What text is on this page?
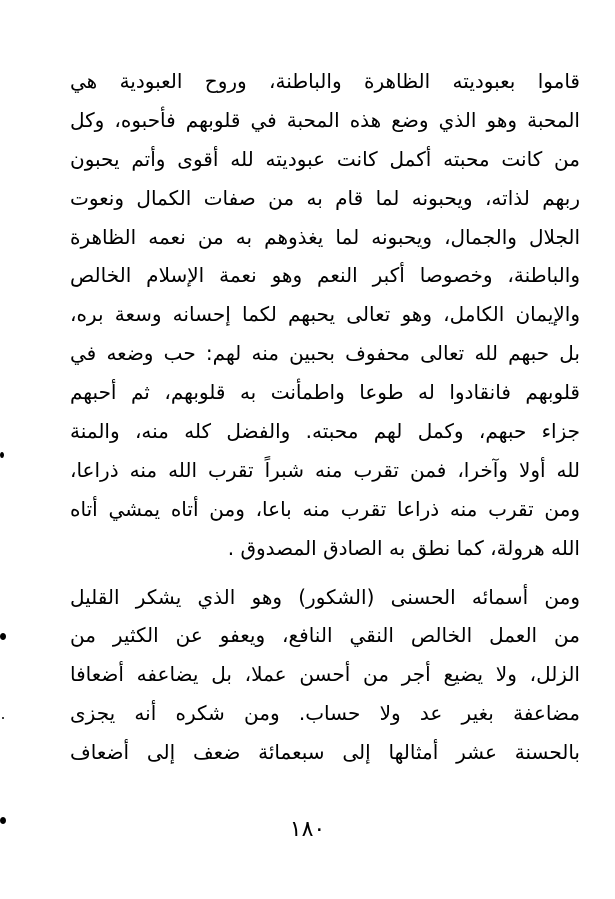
قاموا بعبوديته الظاهرة والباطنة، وروح العبودية هي
المحبة وهو الذي وضع هذه المحبة في قلوبهم فأحبوه، وكل
من كانت محبته أكمل كانت عبوديته لله أقوى وأتم يحبون
ربهم لذاته، ويحبونه لما قام به من صفات الكمال ونعوت
الجلال والجمال، ويحبونه لما يغذوهم به من نعمه الظاهرة
والباطنة، وخصوصا أكبر النعم وهو نعمة الإسلام الخالص
والإيمان الكامل، وهو تعالى يحبهم لكما إحسانه وسعة بره،
بل حبهم لله تعالى محفوف بحبين منه لهم: حب وضعه في
قلوبهم فانقادوا له طوعا واطمأنت به قلوبهم، ثم أحبهم
جزاء حبهم، وكمل لهم محبته. والفضل كله منه، والمنة
لله أولا وآخرا، فمن تقرب منه شبراً تقرب الله منه ذراعا،
ومن تقرب منه ذراعا تقرب منه باعا، ومن أتاه يمشي أتاه
الله هرولة، كما نطق به الصادق المصدوق .
ومن أسمائه الحسنى (الشكور) وهو الذي يشكر القليل
من العمل الخالص النقي النافع، ويعفو عن الكثير من
الزلل، ولا يضيع أجر من أحسن عملا، بل يضاعفه أضعافا
مضاعفة بغير عد ولا حساب. ومن شكره أنه يجزى
بالحسنة عشر أمثالها إلى سبعمائة ضعف إلى أضعاف
١٨٠
